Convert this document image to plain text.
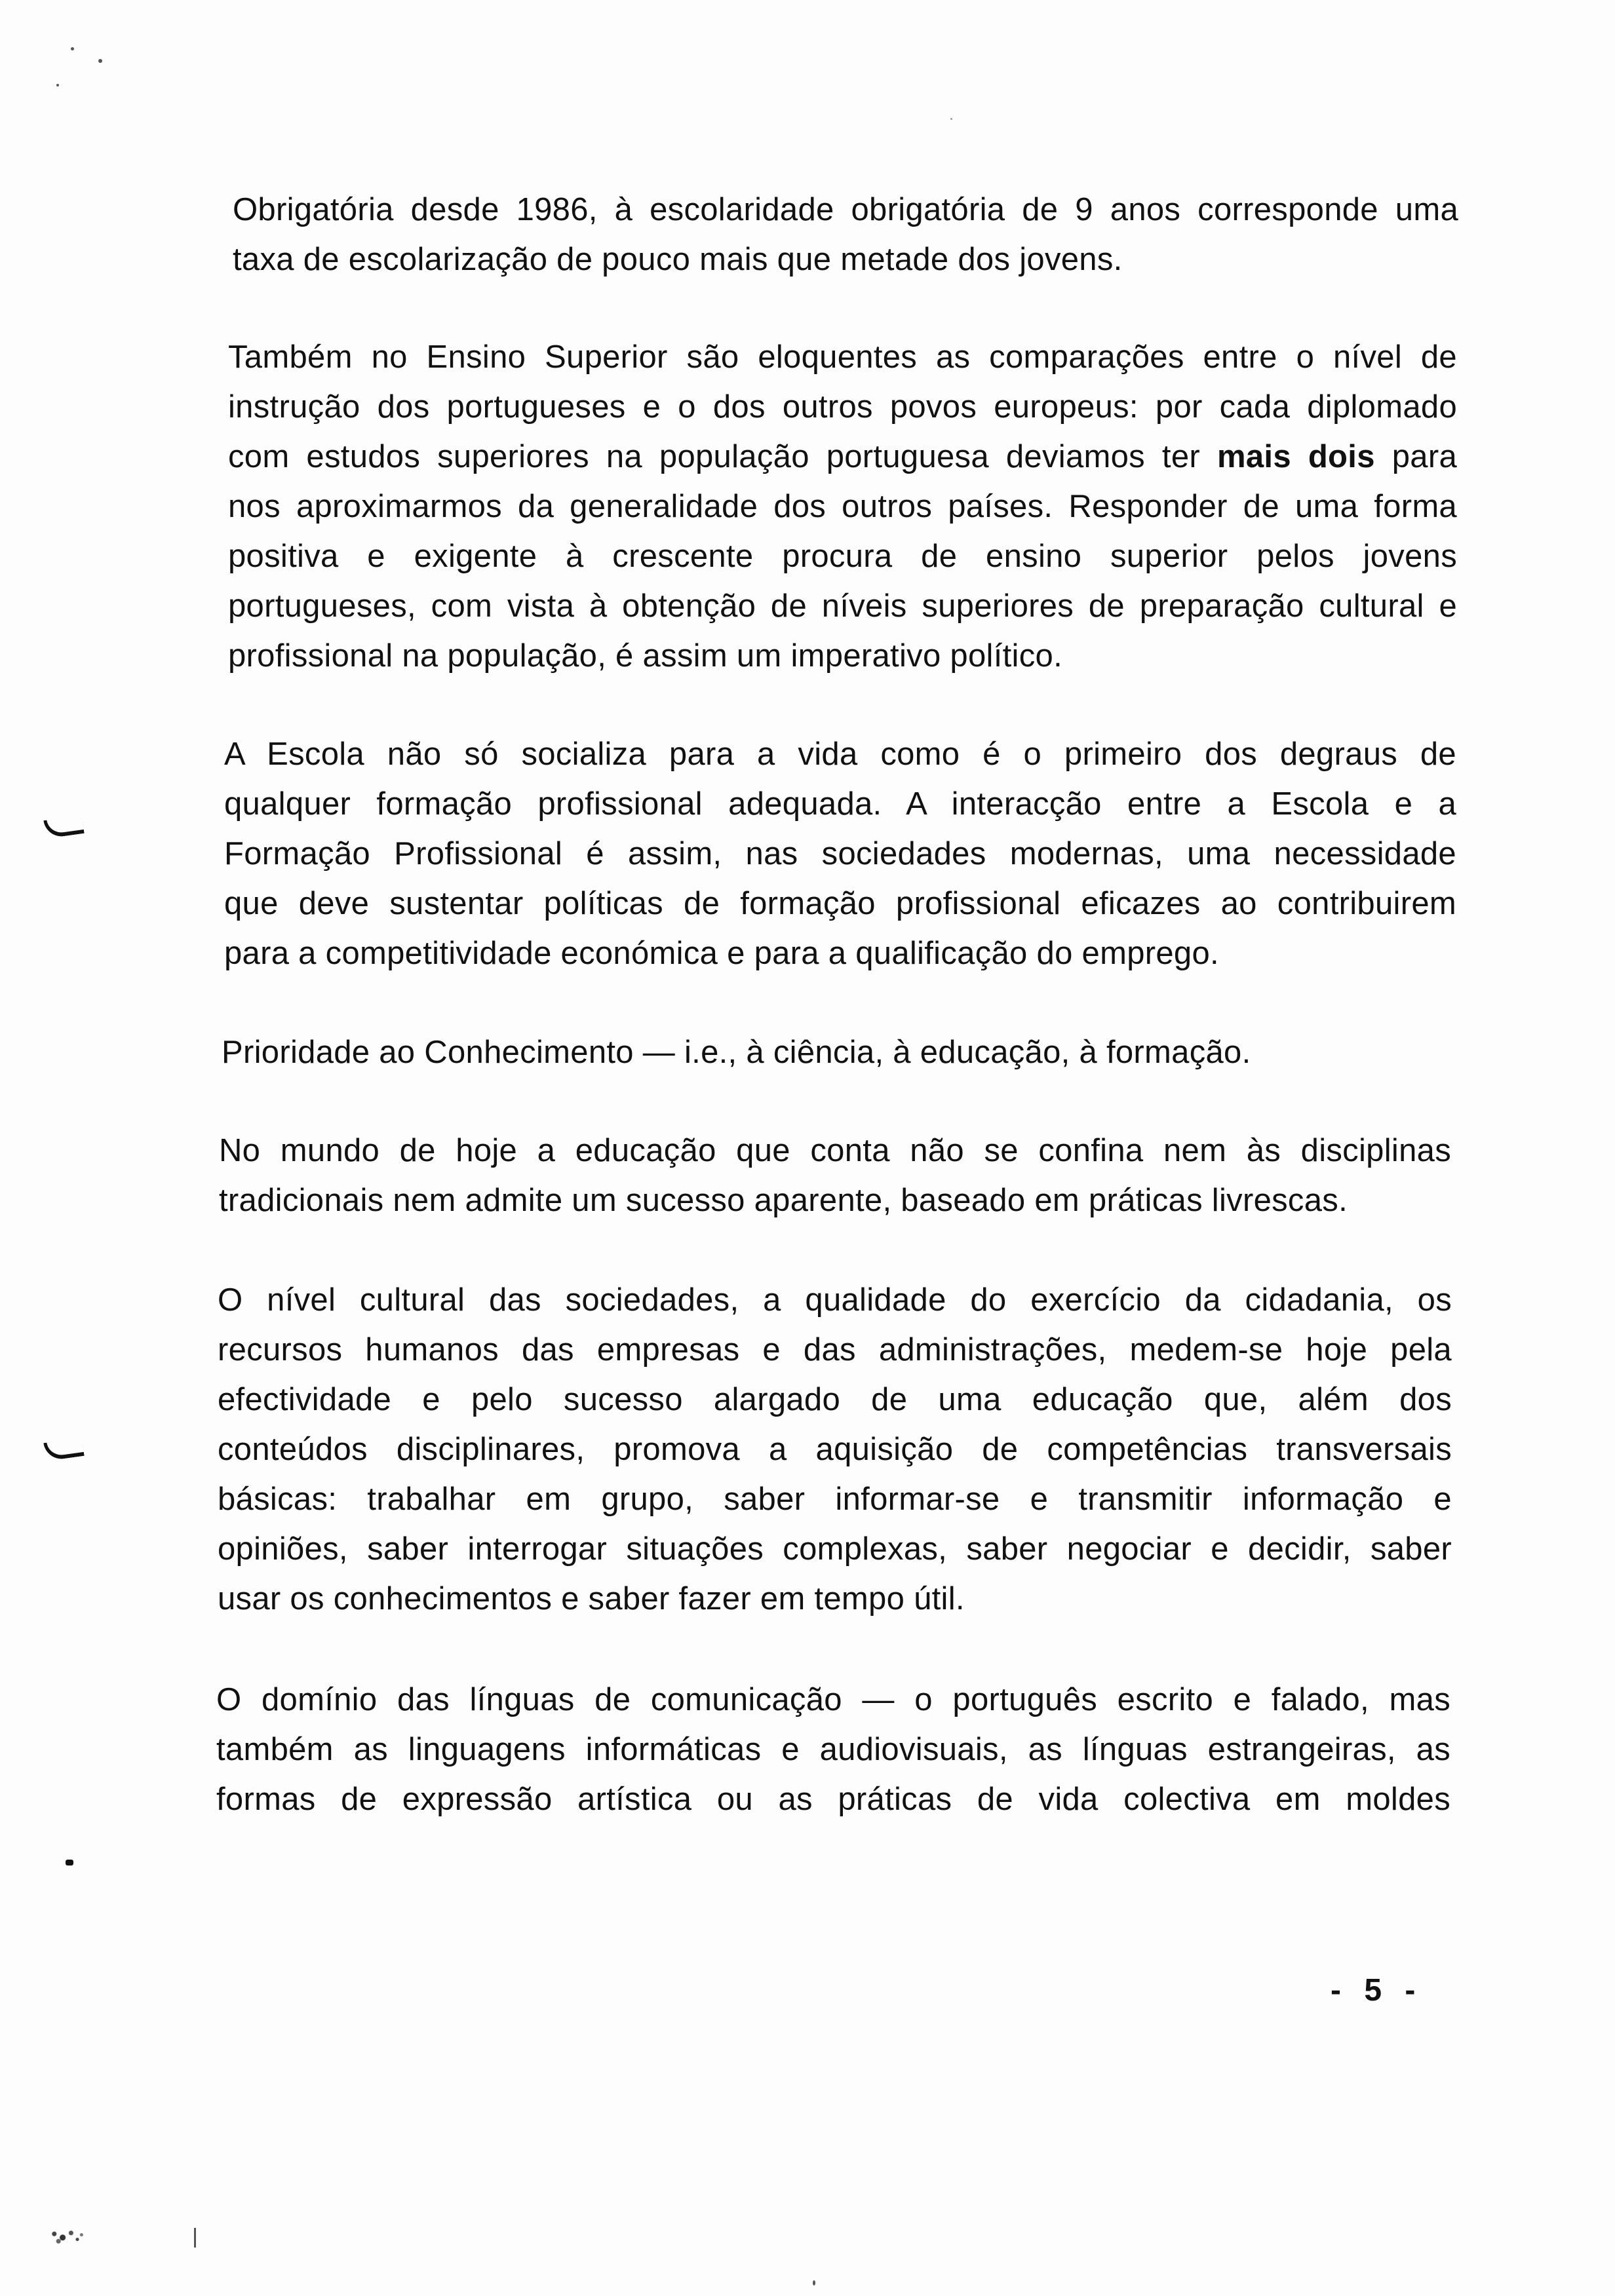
Obrigatória desde 1986, à escolaridade obrigatória de 9 anos corresponde uma
taxa de escolarização de pouco mais que metade dos jovens.
Também no Ensino Superior são eloquentes as comparações entre o nível de
instrução dos portugueses e o dos outros povos europeus: por cada diplomado
com estudos superiores na população portuguesa deviamos ter mais dois para
nos aproximarmos da generalidade dos outros países. Responder de uma forma
positiva e exigente à crescente procura de ensino superior pelos jovens
portugueses, com vista à obtenção de níveis superiores de preparação cultural e
profissional na população, é assim um imperativo político.
A Escola não só socializa para a vida como é o primeiro dos degraus de
qualquer formação profissional adequada. A interacção entre a Escola e a
Formação Profissional é assim, nas sociedades modernas, uma necessidade
que deve sustentar políticas de formação profissional eficazes ao contribuirem
para a competitividade económica e para a qualificação do emprego.
Prioridade ao Conhecimento — i.e., à ciência, à educação, à formação.
No mundo de hoje a educação que conta não se confina nem às disciplinas
tradicionais nem admite um sucesso aparente, baseado em práticas livrescas.
O nível cultural das sociedades, a qualidade do exercício da cidadania, os
recursos humanos das empresas e das administrações, medem-se hoje pela
efectividade e pelo sucesso alargado de uma educação que, além dos
conteúdos disciplinares, promova a aquisição de competências transversais
básicas: trabalhar em grupo, saber informar-se e transmitir informação e
opiniões, saber interrogar situações complexas, saber negociar e decidir, saber
usar os conhecimentos e saber fazer em tempo útil.
O domínio das línguas de comunicação — o português escrito e falado, mas
também as linguagens informáticas e audiovisuais, as línguas estrangeiras, as
formas de expressão artística ou as práticas de vida colectiva em moldes
- 5 -
